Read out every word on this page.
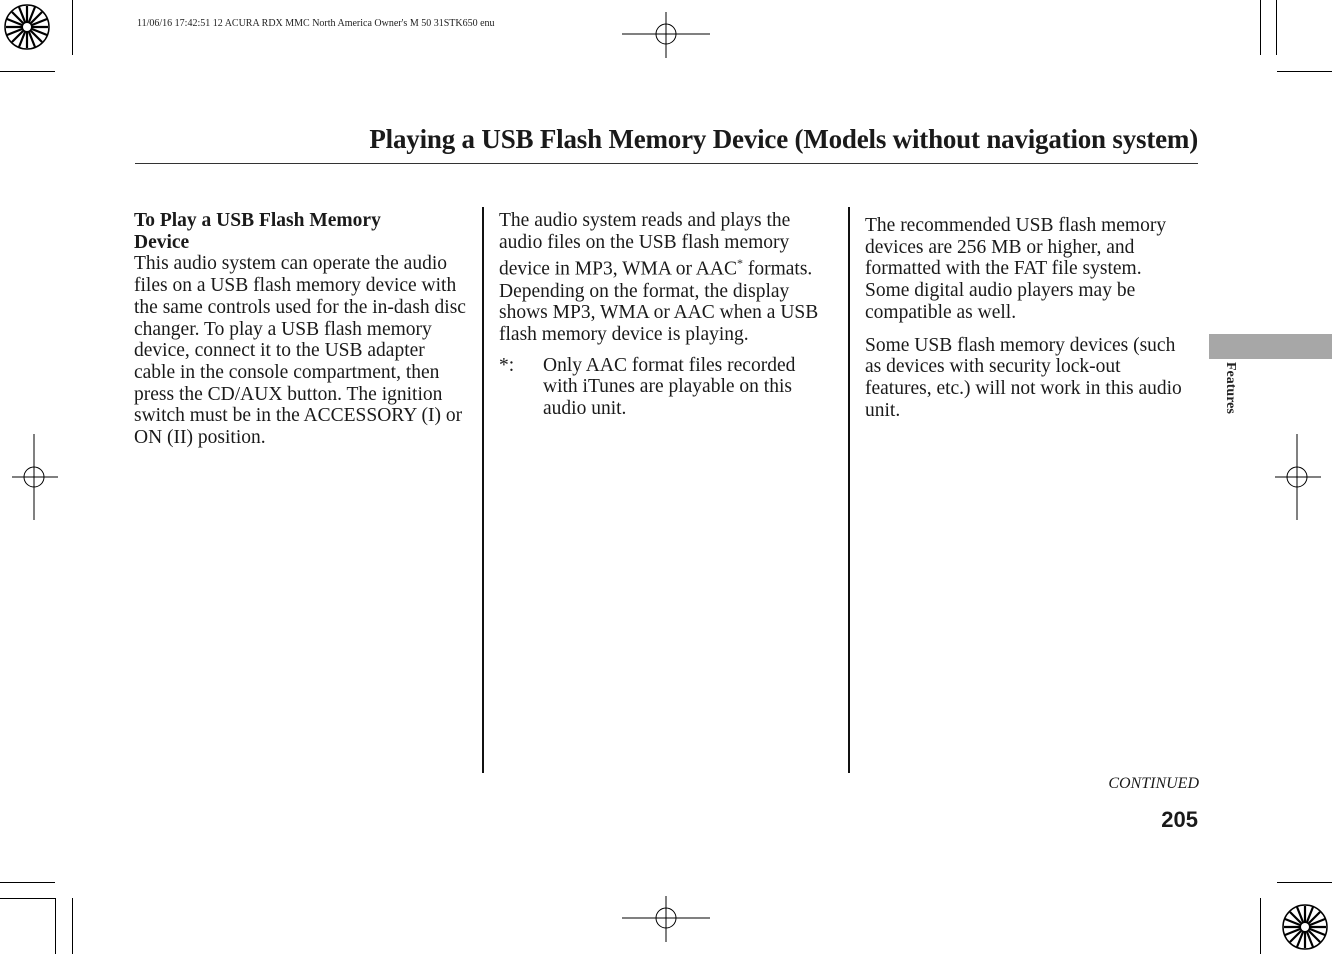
11/06/16 17:42:51 12 ACURA RDX MMC North America Owner's M 50 31STK650 enu
Playing a USB Flash Memory Device (Models without navigation system)

To Play a USB Flash Memory
Device

This audio system can operate the audio files on a USB flash memory device with the same controls used for the in-dash disc changer. To play a USB flash memory device, connect it to the USB adapter cable in the console compartment, then press the CD/AUX button. The ignition switch must be in the ACCESSORY (I) or ON (II) position.

The audio system reads and plays the audio files on the USB flash memory device in MP3, WMA or AAC* formats. Depending on the format, the display shows MP3, WMA or AAC when a USB flash memory device is playing.

*: Only AAC format files recorded with iTunes are playable on this audio unit.

The recommended USB flash memory devices are 256 MB or higher, and formatted with the FAT file system. Some digital audio players may be compatible as well.

Some USB flash memory devices (such as devices with security lock-out features, etc.) will not work in this audio unit.	Features
CONTINUED
205
